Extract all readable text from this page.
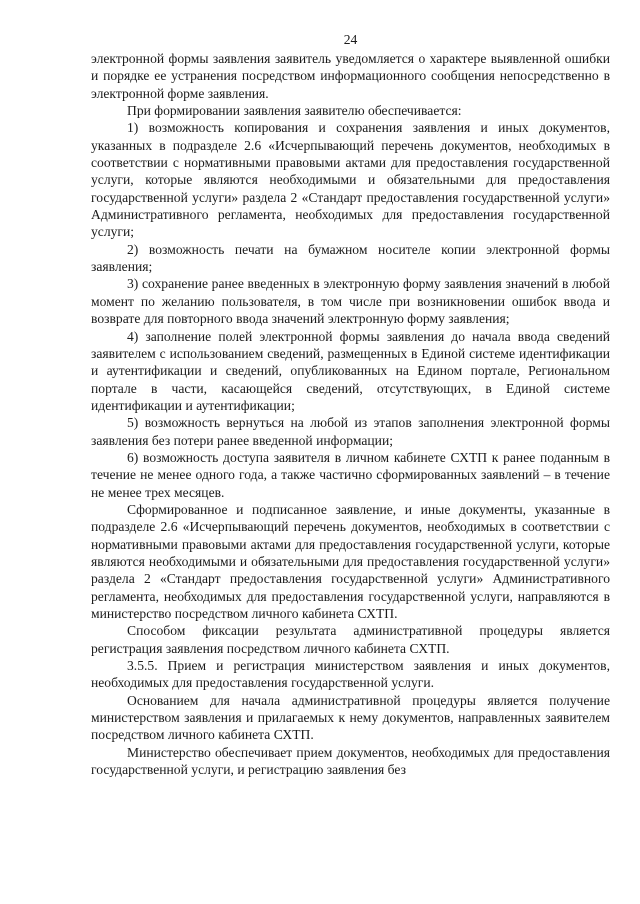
24

электронной формы заявления заявитель уведомляется о характере выявленной ошибки и порядке ее устранения посредством информационного сообщения непосредственно в электронной форме заявления.

При формировании заявления заявителю обеспечивается:

1) возможность копирования и сохранения заявления и иных документов, указанных в подразделе 2.6 «Исчерпывающий перечень документов, необходимых в соответствии с нормативными правовыми актами для предоставления государственной услуги, которые являются необходимыми и обязательными для предоставления государственной услуги» раздела 2 «Стандарт предоставления государственной услуги» Административного регламента, необходимых для предоставления государственной услуги;

2) возможность печати на бумажном носителе копии электронной формы заявления;

3) сохранение ранее введенных в электронную форму заявления значений в любой момент по желанию пользователя, в том числе при возникновении ошибок ввода и возврате для повторного ввода значений электронную форму заявления;

4) заполнение полей электронной формы заявления до начала ввода сведений заявителем с использованием сведений, размещенных в Единой системе идентификации и аутентификации и сведений, опубликованных на Едином портале, Региональном портале в части, касающейся сведений, отсутствующих, в Единой системе идентификации и аутентификации;

5) возможность вернуться на любой из этапов заполнения электронной формы заявления без потери ранее введенной информации;

6) возможность доступа заявителя в личном кабинете СХТП к ранее поданным в течение не менее одного года, а также частично сформированных заявлений – в течение не менее трех месяцев.

Сформированное и подписанное заявление, и иные документы, указанные в подразделе 2.6 «Исчерпывающий перечень документов, необходимых в соответствии с нормативными правовыми актами для предоставления государственной услуги, которые являются необходимыми и обязательными для предоставления государственной услуги» раздела 2 «Стандарт предоставления государственной услуги» Административного регламента, необходимых для предоставления государственной услуги, направляются в министерство посредством личного кабинета СХТП.

Способом фиксации результата административной процедуры является регистрация заявления посредством личного кабинета СХТП.

3.5.5. Прием и регистрация министерством заявления и иных документов, необходимых для предоставления государственной услуги.

Основанием для начала административной процедуры является получение министерством заявления и прилагаемых к нему документов, направленных заявителем посредством личного кабинета СХТП.

Министерство обеспечивает прием документов, необходимых для предоставления государственной услуги, и регистрацию заявления без
